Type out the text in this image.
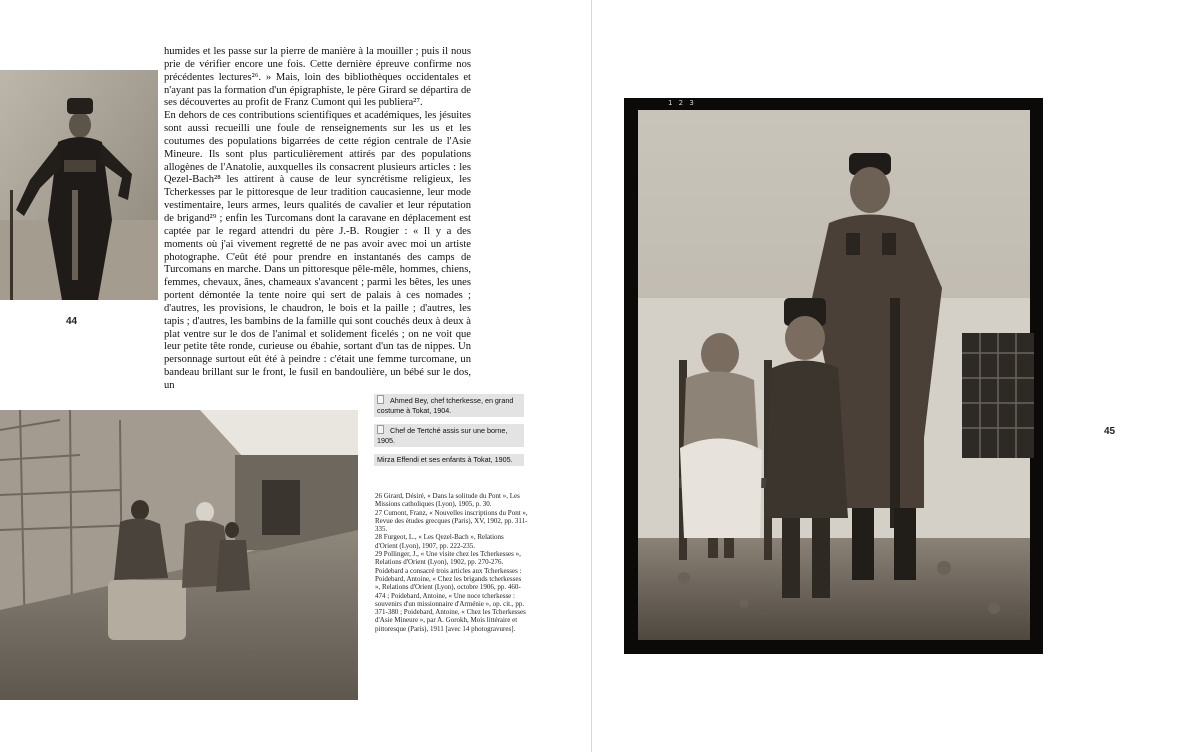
44

humides et les passe sur la pierre de manière à la mouiller ; puis il nous prie de vérifier encore une fois. Cette dernière épreuve confirme nos précédentes lectures²⁶. » Mais, loin des bibliothèques occidentales et n'ayant pas la formation d'un épigraphiste, le père Girard se départira de ses découvertes au profit de Franz Cumont qui les publiera²⁷.

En dehors de ces contributions scientifiques et académiques, les jésuites sont aussi recueilli une foule de renseignements sur les us et les coutumes des populations bigarrées de cette région centrale de l'Asie Mineure. Ils sont plus particulièrement attirés par des populations allogènes de l'Anatolie, auxquelles ils consacrent plusieurs articles : les Qezel-Bach²⁸ les attirent à cause de leur syncrétisme religieux, les Tcherkesses par le pittoresque de leur tradition caucasienne, leur mode vestimentaire, leurs armes, leurs qualités de cavalier et leur réputation de brigand²⁹ ; enfin les Turcomans dont la caravane en déplacement est captée par le regard attendri du père J.-B. Rougier : « Il y a des moments où j'ai vivement regretté de ne pas avoir avec moi un artiste photographe. C'eût été pour prendre en instantanés des camps de Turcomans en marche. Dans un pittoresque pêle-mêle, hommes, chiens, femmes, chevaux, ânes, chameaux s'avancent ; parmi les bêtes, les unes portent démontée la tente noire qui sert de palais à ces nomades ; d'autres, les provisions, le chaudron, le bois et la paille ; d'autres, les tapis ; d'autres, les bambins de la famille qui sont couchés deux à deux à plat ventre sur le dos de l'animal et solidement ficelés ; on ne voit que leur petite tête ronde, curieuse ou ébahie, sortant d'un tas de nippes. Un personnage surtout eût été à peindre : c'était une femme turcomane, un bandeau brillant sur le front, le fusil en bandoulière, un bébé sur le dos, un

Ahmed Bey, chef tcherkesse, en grand costume à Tokat, 1904.
Chef de Tertché assis sur une borne, 1905.
Mirza Effendi et ses enfants à Tokat, 1905.

26 Girard, Désiré, « Dans la solitude du Pont », Les Missions catholiques (Lyon), 1905, p. 30.

27 Cumont, Franz, « Nouvelles inscriptions du Pont », Revue des études grecques (Paris), XV, 1902, pp. 311-335.

28 Furgeot, L., « Les Qezel-Bach », Relations d'Orient (Lyon), 1907, pp. 222-235.

29 Pollinger, J., « Une visite chez les Tcherkesses », Relations d'Orient (Lyon), 1902, pp. 270-276. Poidebard a consacré trois articles aux Tcherkesses : Poidebard, Antoine, « Chez les brigands tcherkesses », Relations d'Orient (Lyon), octobre 1906, pp. 460-474 ; Poidebard, Antoine, « Une noce tcherkesse : souvenirs d'un missionnaire d'Arménie », op. cit., pp. 371-380 ; Poidebard, Antoine, « Chez les Tcherkesses d'Asie Mineure », par A. Gorokh, Mois littéraire et pittoresque (Paris), 1911 [avec 14 photogravures].

1 2 3
45
